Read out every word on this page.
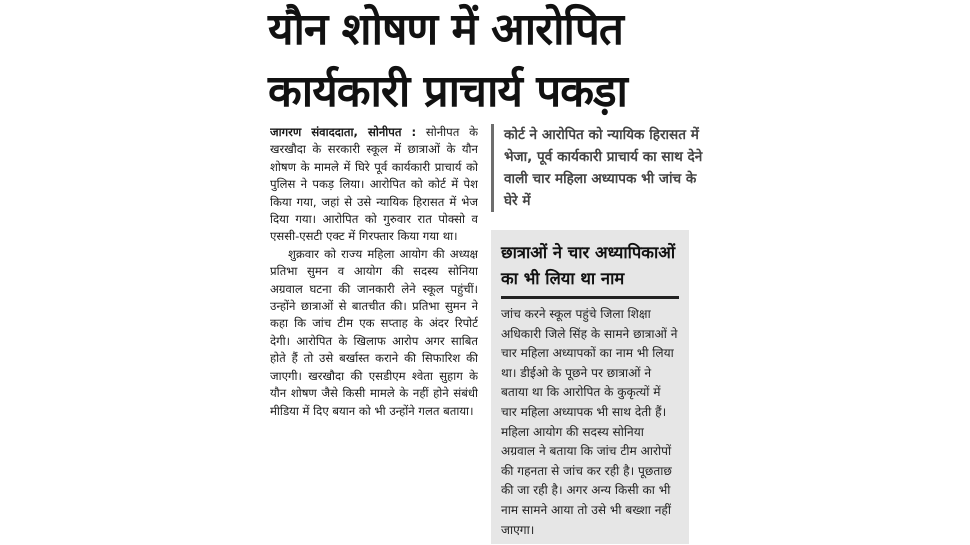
यौन शोषण में आरोपित
कार्यकारी प्राचार्य पकड़ा

जागरण संवाददाता, सोनीपत : सोनीपत के खरखौदा के सरकारी स्कूल में छात्राओं के यौन शोषण के मामले में घिरे पूर्व कार्यकारी प्राचार्य को पुलिस ने पकड़ लिया। आरोपित को कोर्ट में पेश किया गया, जहां से उसे न्यायिक हिरासत में भेज दिया गया। आरोपित को गुरुवार रात पोक्सो व एससी-एसटी एक्ट में गिरफ्तार किया गया था।

शुक्रवार को राज्य महिला आयोग की अध्यक्ष प्रतिभा सुमन व आयोग की सदस्य सोनिया अग्रवाल घटना की जानकारी लेने स्कूल पहुंचीं। उन्होंने छात्राओं से बातचीत की। प्रतिभा सुमन ने कहा कि जांच टीम एक सप्ताह के अंदर रिपोर्ट देगी। आरोपित के खिलाफ आरोप अगर साबित होते हैं तो उसे बर्खास्त कराने की सिफारिश की जाएगी। खरखौदा की एसडीएम श्वेता सुहाग के यौन शोषण जैसे किसी मामले के नहीं होने संबंधी मीडिया में दिए बयान को भी उन्होंने गलत बताया।

कोर्ट ने आरोपित को न्यायिक हिरासत में भेजा, पूर्व कार्यकारी प्राचार्य का साथ देने वाली चार महिला अध्यापक भी जांच के घेरे में
छात्राओं ने चार अध्यापिकाओं का भी लिया था नाम

जांच करने स्कूल पहुंचे जिला शिक्षा अधिकारी जिले सिंह के सामने छात्राओं ने चार महिला अध्यापकों का नाम भी लिया था। डीईओ के पूछने पर छात्राओं ने बताया था कि आरोपित के कुकृत्यों में चार महिला अध्यापक भी साथ देती हैं। महिला आयोग की सदस्य सोनिया अग्रवाल ने बताया कि जांच टीम आरोपों की गहनता से जांच कर रही है। पूछताछ की जा रही है। अगर अन्य किसी का भी नाम सामने आया तो उसे भी बख्शा नहीं जाएगा।
